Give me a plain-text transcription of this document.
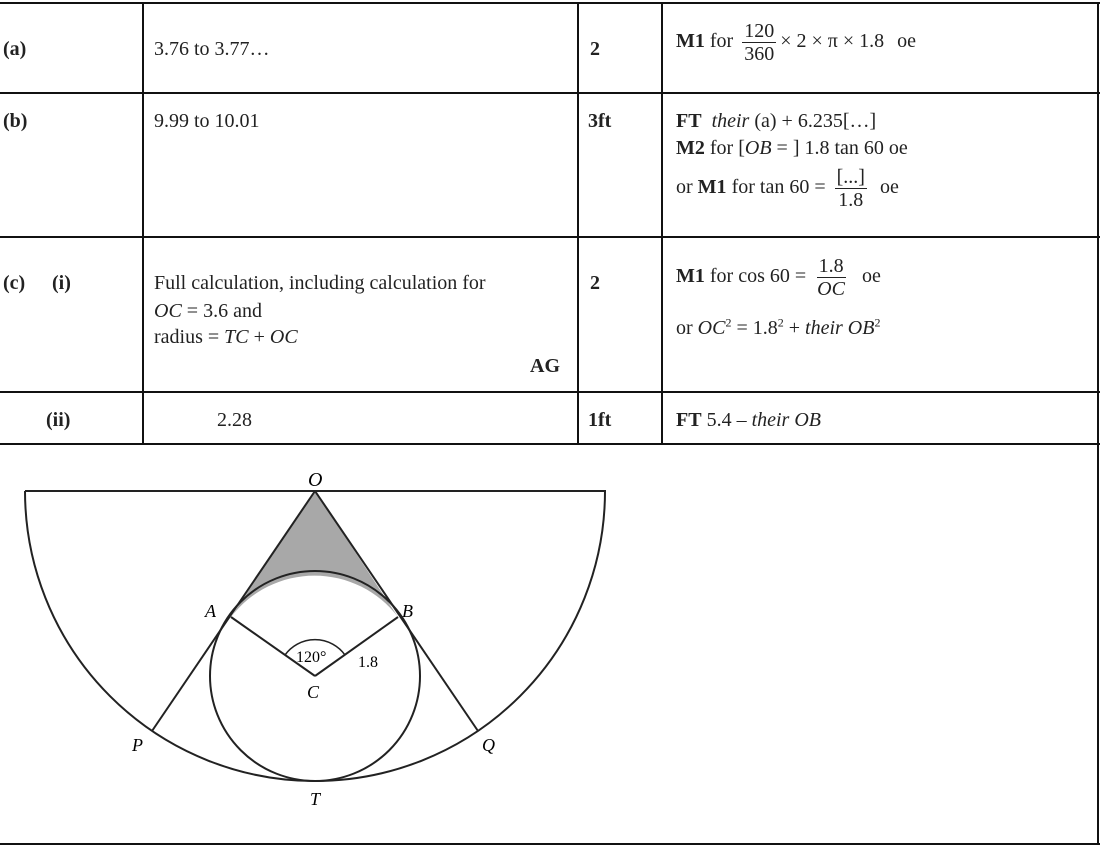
(a)	3.76 to 3.77…	2	M1 for $\frac{120}{360} \times 2 \times \pi \times 1.8$ oe
(b)	9.99 to 10.01	3ft	FT their (a) + 6.235[…]
M2 for [OB = ] 1.8 tan 60 oe
or M1 for $\tan 60 = \frac{[...]}{1.8}$ oe
(c) (i)	Full calculation, including calculation for
OC = 3.6 and
radius = TC + OC
AG
2	M1 for $\cos 60 = \frac{1.8}{OC}$ oe
or $OC^2 = 1.8^2$ + their $OB^2$
(ii)	2.28	1ft	FT 5.4 – their OB
O
A	B
C
P	Q
T
120° 1.8
